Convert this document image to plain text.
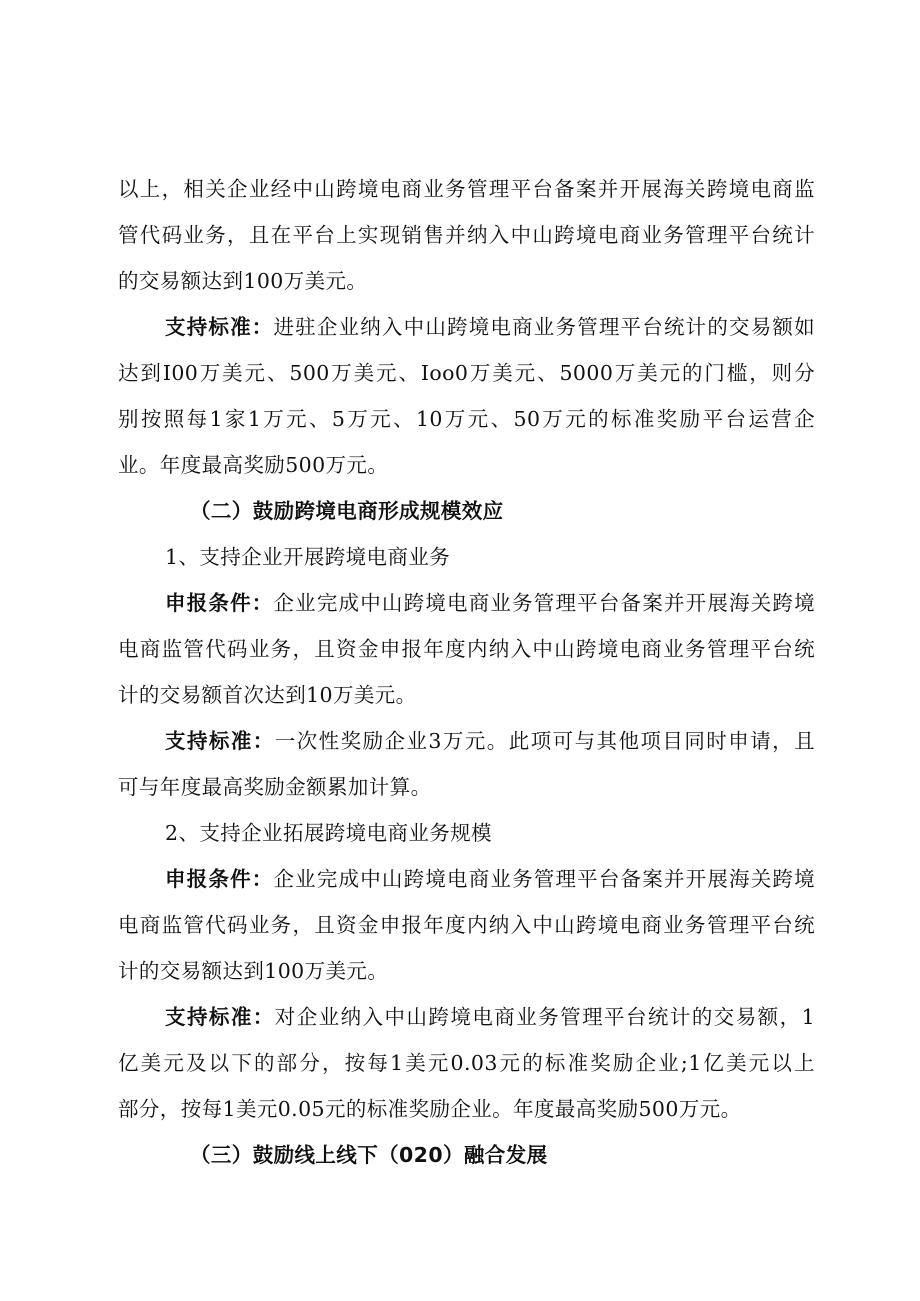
以上，相关企业经中山跨境电商业务管理平台备案并开展海关跨境电商监
管代码业务，且在平台上实现销售并纳入中山跨境电商业务管理平台统计
的交易额达到100万美元。
支持标准：进驻企业纳入中山跨境电商业务管理平台统计的交易额如
达到I00万美元、500万美元、Ioo0万美元、5000万美元的门槛，则分
别按照每1家1万元、5万元、10万元、50万元的标准奖励平台运营企
业。年度最高奖励500万元。
（二）鼓励跨境电商形成规模效应
1、支持企业开展跨境电商业务
申报条件：企业完成中山跨境电商业务管理平台备案并开展海关跨境
电商监管代码业务，且资金申报年度内纳入中山跨境电商业务管理平台统
计的交易额首次达到10万美元。
支持标准：一次性奖励企业3万元。此项可与其他项目同时申请，且
可与年度最高奖励金额累加计算。
2、支持企业拓展跨境电商业务规模
申报条件：企业完成中山跨境电商业务管理平台备案并开展海关跨境
电商监管代码业务，且资金申报年度内纳入中山跨境电商业务管理平台统
计的交易额达到100万美元。
支持标准：对企业纳入中山跨境电商业务管理平台统计的交易额，1
亿美元及以下的部分，按每1美元0.03元的标准奖励企业;1亿美元以上
部分，按每1美元0.05元的标准奖励企业。年度最高奖励500万元。
（三）鼓励线上线下（020）融合发展
